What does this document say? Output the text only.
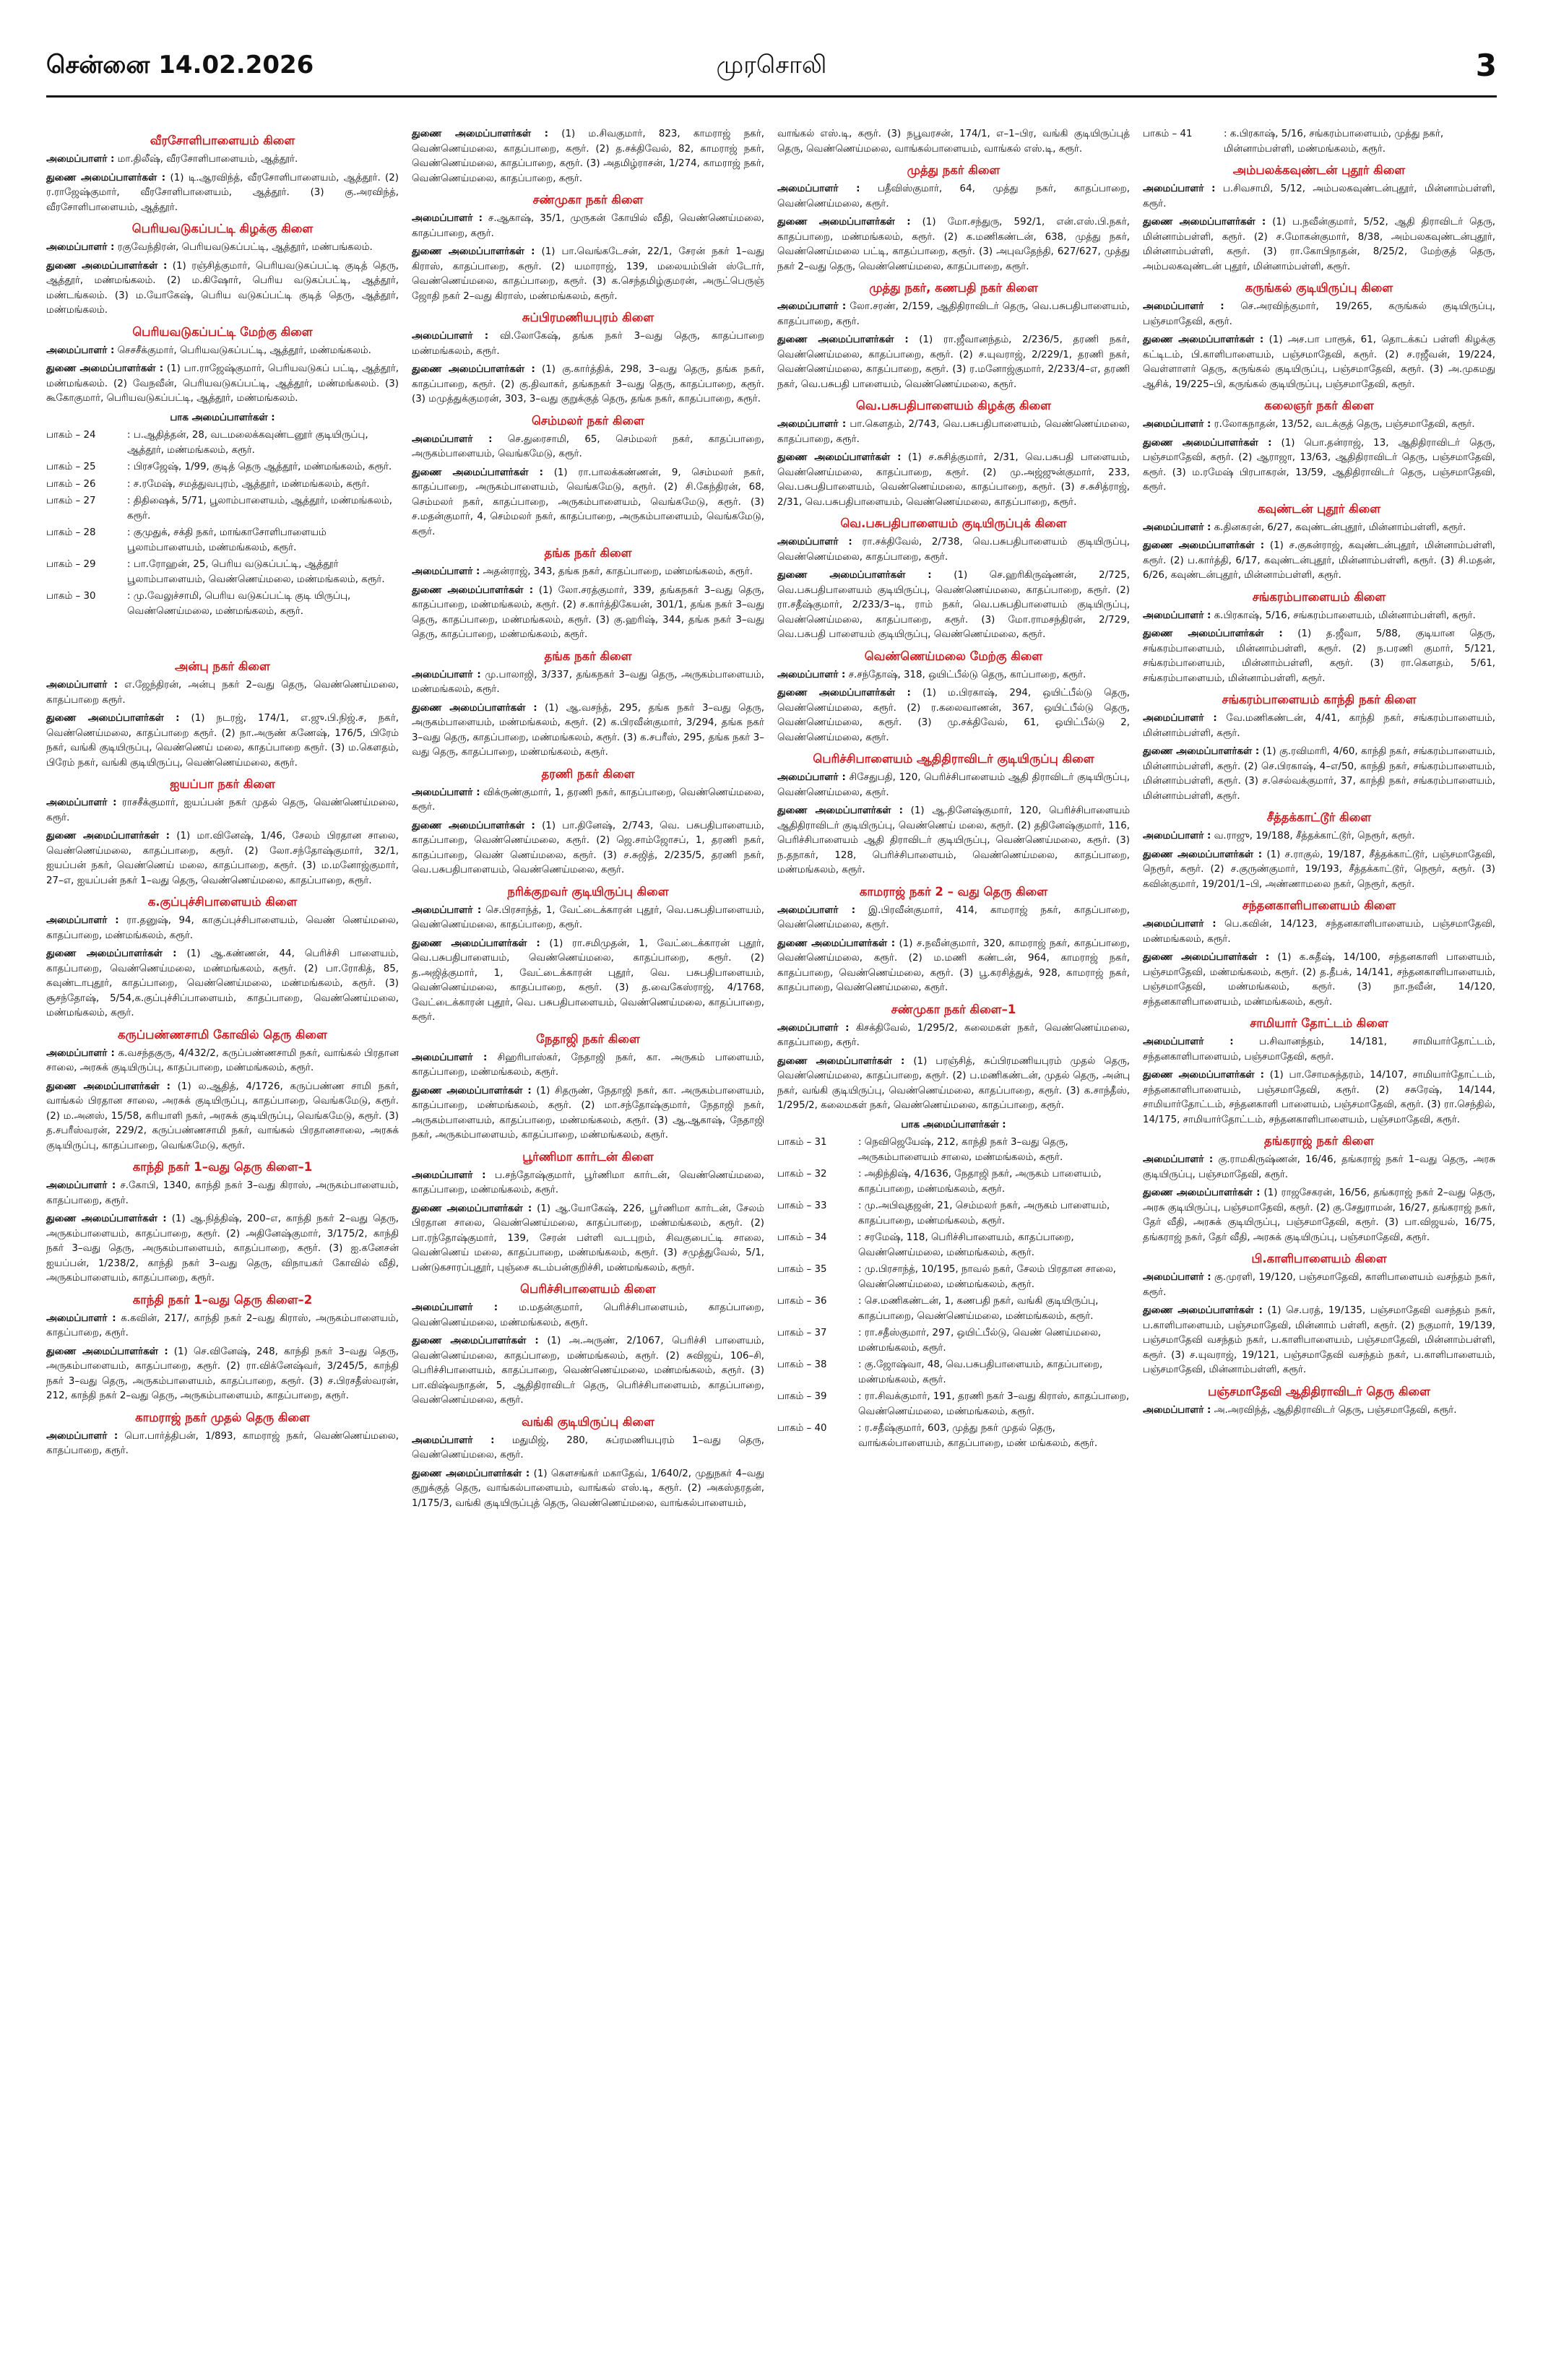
சென்னை 14.02.2026	முரசொலி	3
வீரசோளிபாளையம் கிளை

அமைப்பாளர் : மா.திலீஷ், வீரசோளிபாளையம், ஆத்தூர்.

துணை அமைப்பாளர்கள் : (1) டி.ஆரவிந்த், வீரசோளிபாளையம், ஆத்தூர். (2) ர.ராஜேஷ்குமார், வீரசோளிபாளையம், ஆத்தூர். (3) கு.அரவிந்த், வீரசோளிபாளையம், ஆத்தூர்.

பெரியவடுகப்பட்டி கிழக்கு கிளை

அமைப்பாளர் : ரகுவேந்திரன், பெரியவடுகப்பட்டி, ஆத்தூர், மண்பங்கலம்.

துணை அமைப்பாளர்கள் : (1) ரஞ்சித்குமார், பெரியவடுகப்பட்டி குடித் தெரு, ஆத்தூர், மண்மங்கலம். (2) ம.கிஷோர், பெரிய வடுகப்பட்டி, ஆத்தூர், மண்டங்கலம். (3) ம.யோகேஷ், பெரிய வடுகப்பட்டி குடித் தெரு, ஆத்தூர், மண்மங்கலம்.

பெரியவடுகப்பட்டி மேற்கு கிளை

அமைப்பாளர் : செசசீக்குமார், பெரியவடுகப்பட்டி, ஆத்தூர், மண்மங்கலம்.

துணை அமைப்பாளர்கள் : (1) பா.ராஜேஷ்குமார், பெரியவடுகப் பட்டி, ஆத்தூர், மண்மங்கலம். (2) வேநவீன், பெரியவடுகப்பட்டி, ஆத்தூர், மண்மங்கலம். (3) கூகோகுமார், பெரியவடுகப்பட்டி, ஆத்தூர், மண்மங்கலம்.

பாக அமைப்பாளர்கள் :
பாகம் – 24	: ப.ஆதித்தன், 28, வடமலைக்கவுண்டனூர் குடியிருப்பு, ஆத்தூர், மண்மங்கலம், கரூர்.
பாகம் – 25	: பிரசஜேஷ், 1/99, குடித் தெரு ஆத்தூர், மண்மங்கலம், கரூர்.
பாகம் – 26	: ச.ரமேஷ், சமத்துவபுரம், ஆத்தூர், மண்மங்கலம், கரூர்.
பாகம் – 27	: திதிஷைக், 5/71, பூலாம்பாளையம், ஆத்தூர், மண்மங்கலம், கரூர்.
பாகம் – 28	: குமுதுக், சக்தி நகர், மாங்காசோளிபாளையம் பூலாம்பாளையம், மண்மங்கலம், கரூர்.
பாகம் – 29	: பா.ரோஹன், 25, பெரிய வடுகப்பட்டி, ஆத்தூர் பூலாம்பாளையம், வெண்ணெய்மலை, மண்மங்கலம், கரூர்.
பாகம் – 30	: மு.வேலுச்சாமி, பெரிய வடுகப்பட்டி குடி யிருப்பு, வெண்ணெய்மலை, மண்மங்கலம், கரூர்.
அன்பு நகர் கிளை

அமைப்பாளர் : எ.ஜேந்திரன், அன்பு நகர் 2–வது தெரு, வெண்ணெய்மலை, காதப்பாறை கரூர்.

துணை அமைப்பாளர்கள் : (1) நடரஜ், 174/1, எ.ஜு.பி.நிஜ்.ச, நகர், வெண்ணெய்மலை, காதப்பாறை கரூர். (2) நா.அருண் கணேஷ், 176/5, பிரேம் நகர், வங்கி குடியிருப்பு, வெண்ணெய் மலை, காதப்பாறை கரூர். (3) ம.கௌதம், பிரேம் நகர், வங்கி குடியிருப்பு, வெண்ணெய்மலை, கரூர்.

ஐயப்பா நகர் கிளை

அமைப்பாளர் : ராசசீக்குமார், ஐயப்பன் நகர் முதல் தெரு, வெண்ணெய்மலை, கரூர்.

துணை அமைப்பாளர்கள் : (1) மா.வினேஷ், 1/46, சேலம் பிரதான சாலை, வெண்ணெய்மலை, காதப்பாறை, கரூர். (2) லோ.சந்தோஷ்குமார், 32/1, ஐயப்பன் நகர், வெண்ணெய் மலை, காதப்பாறை, கரூர். (3) ம.மனோஜ்குமார், 27–எ, ஐயப்பன் நகர் 1–வது தெரு, வெண்ணெய்மலை, காதப்பாறை, கரூர்.

க.குப்புச்சிபாளையம் கிளை

அமைப்பாளர் : ரா.தனுஷ், 94, காகுப்புச்சிபாளையம், வெண் ணெய்மலை, காதப்பாறை, மண்மங்கலம், கரூர்.

துணை அமைப்பாளர்கள் : (1) ஆ.கண்ணன், 44, பெரிச்சி பாளையம், காதப்பாறை, வெண்ணெய்மலை, மண்மங்கலம், கரூர். (2) பா.ரோகித், 85, கவுண்டாபுதூர், காதப்பாறை, வெண்ணெய்மலை, மண்மங்கலம், கரூர். (3) சூசந்தோஷ், 5/54,க.குப்புச்சிப்பாளையம், காதப்பாறை, வெண்ணெய்மலை, மண்மங்கலம், கரூர்.

கருப்பண்ணசாமி கோவில் தெரு கிளை

அமைப்பாளர் : க.வசந்தகுரு, 4/432/2, கருப்பண்ணசாமி நகர், வாங்கல் பிரதான சாலை, அரசுக் குடியிருப்பு, காதப்பாறை, மண்மங்கலம், கரூர்.

துணை அமைப்பாளர்கள் : (1) ல.ஆதித், 4/1726, கருப்பண்ண சாமி நகர், வாங்கல் பிரதான சாலை, அரசுக் குடியிருப்பு, காதப்பாறை, வெங்கமேடு, கரூர். (2) ம.அனஸ், 15/58, கரியாளி நகர், அரசுக் குடியிருப்பு, வெங்கமேடு, கரூர். (3) த.சபரீஸ்வரன், 229/2, கருப்பண்ணசாமி நகர், வாங்கல் பிரதானசாலை, அரசுக் குடியிருப்பு, காதப்பாறை, வெங்கமேடு, கரூர்.

காந்தி நகர் 1–வது தெரு கிளை–1

அமைப்பாளர் : ச.கோபி, 1340, காந்தி நகர் 3–வது கிராஸ், அருகம்பாளையம், காதப்பாறை, கரூர்.

துணை அமைப்பாளர்கள் : (1) ஆ.நித்திஷ், 200–எ, காந்தி நகர் 2–வது தெரு, அருகம்பாளையம், காதப்பாறை, கரூர். (2) அதினேஷ்குமார், 3/175/2, காந்தி நகர் 3–வது தெரு, அருகம்பாளையம், காதப்பாறை, கரூர். (3) ஐ.கனேசன் ஐயப்பன், 1/238/2, காந்தி நகர் 3–வது தெரு, விநாயகர் கோவில் வீதி, அருகம்பாளையம், காதப்பாறை, கரூர்.

காந்தி நகர் 1–வது தெரு கிளை–2

அமைப்பாளர் : க.கவின், 217/, காந்தி நகர் 2–வது கிராஸ், அருகம்பாளையம், காதப்பாறை, கரூர்.

துணை அமைப்பாளர்கள் : (1) செ.வினேஷ், 248, காந்தி நகர் 3–வது தெரு, அருகம்பாளையம், காதப்பாறை, கரூர். (2) ரா.விக்னேஷ்வர், 3/245/5, காந்தி நகர் 3–வது தெரு, அருகம்பாளையம், காதப்பாறை, கரூர். (3) ச.பிரசதீஸ்வரன், 212, காந்தி நகர் 2–வது தெரு, அருகம்பாளையம், காதப்பாறை, கரூர்.

காமராஜ் நகர் முதல் தெரு கிளை

அமைப்பாளர் : பொ.பார்த்திபன், 1/893, காமராஜ் நகர், வெண்ணெய்மலை, காதப்பாறை, கரூர்.

துணை அமைப்பாளர்கள் : (1) ம.சிவகுமார், 823, காமராஜ் நகர், வெண்ணெய்மலை, காதப்பாறை, கரூர். (2) த.சக்திவேல், 82, காமராஜ் நகர், வெண்ணெய்மலை, காதப்பாறை, கரூர். (3) அதமிழ்ராசன், 1/274, காமராஜ் நகர், வெண்ணெய்மலை, காதப்பாறை, கரூர்.

சண்முகா நகர் கிளை

அமைப்பாளர் : ச.ஆகாஷ், 35/1, முருகன் கோயில் வீதி, வெண்ணெய்மலை, காதப்பாறை, கரூர்.

துணை அமைப்பாளர்கள் : (1) பா.வெங்கடேசன், 22/1, சேரன் நகர் 1–வது கிராஸ், காதப்பாறை, கரூர். (2) யமாராஜ், 139, மலையம்பின் ஸ்டோர், வெண்ணெய்மலை, காதப்பாறை, கரூர். (3) க.செந்தமிழ்குமரன், அருட்பெருஞ் ஜோதி நகர் 2–வது கிராஸ், மண்மங்கலம், கரூர்.

சுப்பிரமணியபுரம் கிளை

அமைப்பாளர் : வி.லோகேஷ், தங்க நகர் 3–வது தெரு, காதப்பாறை மண்மங்கலம், கரூர்.

துணை அமைப்பாளர்கள் : (1) கு.கார்த்திக், 298, 3–வது தெரு, தங்க நகர், காதப்பாறை, கரூர். (2) கு.திவாகர், தங்கநகர் 3–வது தெரு, காதப்பாறை, கரூர். (3) மமுத்துக்குமரன், 303, 3–வது குறுக்குத் தெரு, தங்க நகர், காதப்பாறை, கரூர்.

செம்மலர் நகர் கிளை

அமைப்பாளர் : செ.துரைசாமி, 65, செம்மலர் நகர், காதப்பாறை, அருகம்பாளையம், வெங்கமேடு, கரூர்.

துணை அமைப்பாளர்கள் : (1) ரா.பாலக்கண்ணன், 9, செம்மலர் நகர், காதப்பாறை, அருகம்பாளையம், வெங்கமேடு, கரூர். (2) சி.கேந்திரன், 68, செம்மலர் நகர், காதப்பாறை, அருகம்பாளையம், வெங்கமேடு, கரூர். (3) ச.மதன்குமார், 4, செம்மலர் நகர், காதப்பாறை, அருகம்பாளையம், வெங்கமேடு, கரூர்.

தங்க நகர் கிளை

அமைப்பாளர் : அதன்ராஜ், 343, தங்க நகர், காதப்பாறை, மண்மங்கலம், கரூர்.

துணை அமைப்பாளர்கள் : (1) லோ.சரத்குமார், 339, தங்கநகர் 3–வது தெரு, காதப்பாறை, மண்மங்கலம், கரூர். (2) ச.கார்த்திகேயன், 301/1, தங்க நகர் 3–வது தெரு, காதப்பாறை, மண்மங்கலம், கரூர். (3) கு.ஹரிஷ், 344, தங்க நகர் 3–வது தெரு, காதப்பாறை, மண்மங்கலம், கரூர்.

தங்க நகர் கிளை

அமைப்பாளர் : மு.பாலாஜி, 3/337, தங்கநகர் 3–வது தெரு, அருகம்பாளையம், மண்மங்கலம், கரூர்.

துணை அமைப்பாளர்கள் : (1) ஆ.வசந்த், 295, தங்க நகர் 3–வது தெரு, அருகம்பாளையம், மண்மங்கலம், கரூர். (2) க.பிரவீன்குமார், 3/294, தங்க நகர் 3–வது தெரு, காதப்பாறை, மண்மங்கலம், கரூர். (3) க.சபரீஸ், 295, தங்க நகர் 3–வது தெரு, காதப்பாறை, மண்மங்கலம், கரூர்.

தரணி நகர் கிளை

அமைப்பாளர் : விக்ருண்குமார், 1, தரணி நகர், காதப்பாறை, வெண்ணெய்மலை, கரூர்.

துணை அமைப்பாளர்கள் : (1) பா.தினேஷ், 2/743, வெ. பசுபதிபாளையம், காதப்பாறை, வெண்ணெய்மலை, கரூர். (2) ஜெ.சாம்ஜோசப், 1, தரணி நகர், காதப்பாறை, வெண் ணெய்மலை, கரூர். (3) ச.சுஜித், 2/235/5, தரணி நகர், வெ.பசுபதிபாளையம், வெண்ணெய்மலை, கரூர்.

நரிக்குறவர் குடியிருப்பு கிளை

அமைப்பாளர் : செ.பிரசாந்த், 1, வேட்டைக்காரன் புதூர், வெ.பசுபதிபாளையம், வெண்ணெய்மலை, காதப்பாறை, கரூர்.

துணை அமைப்பாளர்கள் : (1) ரா.சமிமுதன், 1, வேட்டைக்காரன் புதூர், வெ.பசுபதிபாளையம், வெண்ணெய்மலை, காதப்பாறை, கரூர். (2) த.அஜித்குமார், 1, வேட்டைக்காரன் புதூர், வெ. பசுபதிபாளையம், வெண்ணெய்மலை, காதப்பாறை, கரூர். (3) த.வைகேஸ்ராஜ், 4/1768, வேட்டைக்காரன் புதூர், வெ. பசுபதிபாளையம், வெண்ணெய்மலை, காதப்பாறை, கரூர்.

நேதாஜி நகர் கிளை

அமைப்பாளர் : சிஹரிபாஸ்கர், நேதாஜி நகர், கா. அருகம் பாளையம், காதப்பாறை, மண்மங்கலம், கரூர்.

துணை அமைப்பாளர்கள் : (1) சிதருண், நேதாஜி நகர், கா. அருகம்பாளையம், காதப்பாறை, மண்மங்கலம், கரூர். (2) மா.சந்தோஷ்குமார், நேதாஜி நகர், அருகம்பாளையம், காதப்பாறை, மண்மங்கலம், கரூர். (3) ஆ.ஆகாஷ், நேதாஜி நகர், அருகம்பாளையம், காதப்பாறை, மண்மங்கலம், கரூர்.

பூர்ணிமா கார்டன் கிளை

அமைப்பாளர் : ப.சந்தோஷ்குமார், பூர்ணிமா கார்டன், வெண்ணெய்மலை, காதப்பாறை, மண்மங்கலம், கரூர்.

துணை அமைப்பாளர்கள் : (1) ஆ.யோகேஷ், 226, பூர்ணிமா கார்டன், சேலம் பிரதான சாலை, வெண்ணெய்மலை, காதப்பாறை, மண்மங்கலம், கரூர். (2) பா.ரந்தோஷ்குமார், 139, சேரன் பள்ளி வடபுறம், சிவகுபைட்டி சாலை, வெண்ணெய் மலை, காதப்பாறை, மண்மங்கலம், கரூர். (3) சமுத்துவேல், 5/1, பண்டுகசாரப்புதூர், புஞ்சை கடம்பன்குறிச்சி, மண்மங்கலம், கரூர்.

பெரிச்சிபாளையம் கிளை

அமைப்பாளர் : ம.மதன்குமார், பெரிச்சிபாளையம், காதப்பாறை, வெண்ணெய்மலை, மண்மங்கலம், கரூர்.

துணை அமைப்பாளர்கள் : (1) அ.அருண், 2/1067, பெரிச்சி பாளையம், வெண்ணெய்மலை, காதப்பாறை, மண்மங்கலம், கரூர். (2) சுவிஜய், 106–சி, பெரிச்சிபாளையம், காதப்பாறை, வெண்ணெய்மலை, மண்மங்கலம், கரூர். (3) பா.விஷ்வநாதன், 5, ஆதிதிராவிடர் தெரு, பெரிச்சிபாளையம், காதப்பாறை, வெண்ணெய்மலை, கரூர்.

வங்கி குடியிருப்பு கிளை

அமைப்பாளர் : மதுமிஜ், 280, சுப்ரமணியபுரம் 1–வது தெரு, வெண்ணெய்மலை, கரூர்.

துணை அமைப்பாளர்கள் : (1) கௌசங்கர் மகாதேவ், 1/640/2, முதுநகர் 4–வது குறுக்குத் தெரு, வாங்கல்பாளையம், வாங்கல் எஸ்.டி, கரூர். (2) அகஸ்தரதன், 1/175/3, வங்கி குடியிருப்புத் தெரு, வெண்ணெய்மலை, வாங்கல்பாளையம்,

வாங்கல் எஸ்.டி, கரூர். (3) நபூவரசன், 174/1, எ–1–பிர, வங்கி குடியிருப்புத் தெரு, வெண்ணெய்மலை, வாங்கல்பாளையம், வாங்கல் எஸ்.டி, கரூர்.

முத்து நகர் கிளை

அமைப்பாளர் : பதீவிஸ்குமார், 64, முத்து நகர், காதப்பாறை, வெண்ணெய்மலை, கரூர்.

துணை அமைப்பாளர்கள் : (1) மோ.சந்துரு, 592/1, என்.எஸ்.பி.நகர், காதப்பாறை, மண்மங்கலம், கரூர். (2) க.மணிகண்டன், 638, முத்து நகர், வெண்ணெய்மலை பட்டி, காதப்பாறை, கரூர். (3) அபுவதேந்தி, 627/627, முத்து நகர் 2–வது தெரு, வெண்ணெய்மலை, காதப்பாறை, கரூர்.

முத்து நகர், கணபதி நகர் கிளை

அமைப்பாளர் : லோ.சரண், 2/159, ஆதிதிராவிடர் தெரு, வெ.பசுபதிபாளையம், காதப்பாறை, கரூர்.

துணை அமைப்பாளர்கள் : (1) ரா.ஜீவானந்தம், 2/236/5, தரணி நகர், வெண்ணெய்மலை, காதப்பாறை, கரூர். (2) ச.யுவராஜ், 2/229/1, தரணி நகர், வெண்ணெய்மலை, காதப்பாறை, கரூர். (3) ர.மனோஜ்குமார், 2/233/4–எ, தரணி நகர், வெ.பசுபதி பாளையம், வெண்ணெய்மலை, கரூர்.

வெ.பசுபதிபாளையம் கிழக்கு கிளை

அமைப்பாளர் : பா.கௌதம், 2/743, வெ.பசுபதிபாளையம், வெண்ணெய்மலை, காதப்பாறை, கரூர்.

துணை அமைப்பாளர்கள் : (1) ச.சுசித்குமார், 2/31, வெ.பசுபதி பாளையம், வெண்ணெய்மலை, காதப்பாறை, கரூர். (2) மு.அஜ்ஜுன்குமார், 233, வெ.பசுபதிபாளையம், வெண்ணெய்மலை, காதப்பாறை, கரூர். (3) ச.சுசித்ராஜ், 2/31, வெ.பசுபதிபாளையம், வெண்ணெய்மலை, காதப்பாறை, கரூர்.

வெ.பசுபதிபாளையம் குடியிருப்புக் கிளை

அமைப்பாளர் : ரா.சக்திவேல், 2/738, வெ.பசுபதிபாளையம் குடியிருப்பு, வெண்ணெய்மலை, காதப்பாறை, கரூர்.

துணை அமைப்பாளர்கள் : (1) செ.ஹரிகிருஷ்ணன், 2/725, வெ.பசுபதிபாளையம் குடியிருப்பு, வெண்ணெய்மலை, காதப்பாறை, கரூர். (2) ரா.சதீஷ்குமார், 2/233/3–டி, ராம் நகர், வெ.பசுபதிபாளையம் குடியிருப்பு, வெண்ணெய்மலை, காதப்பாறை, கரூர். (3) மோ.ராமசந்திரன், 2/729, வெ.பசுபதி பாளையம் குடியிருப்பு, வெண்ணெய்மலை, கரூர்.

வெண்ணெய்மலை மேற்கு கிளை

அமைப்பாளர் : ச.சந்தோஷ், 318, ஒயிட்பீல்டு தெரு, காப்பாறை, கரூர்.

துணை அமைப்பாளர்கள் : (1) ம.பிரகாஷ், 294, ஒயிட்பீல்டு தெரு, வெண்ணெய்மலை, கரூர். (2) ர.கலைவாணன், 367, ஒயிட்பீல்டு தெரு, வெண்ணெய்மலை, கரூர். (3) மு.சக்திவேல், 61, ஒயிட்பீல்டு 2, வெண்ணெய்மலை, கரூர்.

பெரிச்சிபாளையம் ஆதிதிராவிடர் குடியிருப்பு கிளை

அமைப்பாளர் : சிசேதுபதி, 120, பெரிச்சிபாளையம் ஆதி திராவிடர் குடியிருப்பு, வெண்ணெய்மலை, கரூர்.

துணை அமைப்பாளர்கள் : (1) ஆ.தினேஷ்குமார், 120, பெரிச்சிபாளையம் ஆதிதிராவிடர் குடியிருப்பு, வெண்ணெய் மலை, கரூர். (2) ததினேஷ்குமார், 116, பெரிச்சிபாளையம் ஆதி திராவிடர் குடியிருப்பு, வெண்ணெய்மலை, கரூர். (3) ந.தநாகர், 128, பெரிச்சிபாளையம், வெண்ணெய்மலை, காதப்பாறை, மண்மங்கலம், கரூர்.

காமராஜ் நகர் 2 – வது தெரு கிளை

அமைப்பாளர் : இ.பிரவீன்குமார், 414, காமராஜ் நகர், காதப்பாறை, வெண்ணெய்மலை, கரூர்.

துணை அமைப்பாளர்கள் : (1) ச.நவீன்குமார், 320, காமராஜ் நகர், காதப்பாறை, வெண்ணெய்மலை, கரூர். (2) ம.மணி கண்டன், 964, காமராஜ் நகர், காதப்பாறை, வெண்ணெய்மலை, கரூர். (3) பூ.கரசித்துக், 928, காமராஜ் நகர், காதப்பாறை, வெண்ணெய்மலை, கரூர்.

சண்முகா நகர் கிளை–1

அமைப்பாளர் : கிசக்திவேல், 1/295/2, கலைமகள் நகர், வெண்ணெய்மலை, காதப்பாறை, கரூர்.

துணை அமைப்பாளர்கள் : (1) பரஞ்சித், சுப்பிரமணியபுரம் முதல் தெரு, வெண்ணெய்மலை, காதப்பாறை, கரூர். (2) ப.மணிகண்டன், முதல் தெரு, அன்பு நகர், வங்கி குடியிருப்பு, வெண்ணெய்மலை, காதப்பாறை, கரூர். (3) க.சாந்தீஸ், 1/295/2, கலைமகள் நகர், வெண்ணெய்மலை, காதப்பாறை, கரூர்.

பாக அமைப்பாளர்கள் :
பாகம் – 31	: நெவிஜெயேஷ், 212, காந்தி நகர் 3–வது தெரு, அருகம்பாளையம் சாலை, மண்மங்கலம், கரூர்.
பாகம் – 32	: அதிந்திஷ், 4/1636, நேதாஜி நகர், அருகம் பாளையம், காதப்பாறை, மண்மங்கலம், கரூர்.
பாகம் – 33	: மு.அபிவுதஜன், 21, செம்மலர் நகர், அருகம் பாளையம், காதப்பாறை, மண்மங்கலம், கரூர்.
பாகம் – 34	: சரமேஷ், 118, பெரிச்சிபாளையம், காதப்பாறை, வெண்ணெய்மலை, மண்மங்கலம், கரூர்.
பாகம் – 35	: மு.பிரசாந்த், 10/195, நாவல் நகர், சேலம் பிரதான சாலை, வெண்ணெய்மலை, மண்மங்கலம், கரூர்.
பாகம் – 36	: செ.மணிகண்டன், 1, கணபதி நகர், வங்கி குடியிருப்பு, காதப்பாறை, வெண்ணெய்மலை, மண்மங்கலம், கரூர்.
பாகம் – 37	: ரா.சதீஸ்குமார், 297, ஒயிட்பீல்டு, வெண் ணெய்மலை, மண்மங்கலம், கரூர்.
பாகம் – 38	: கு.ஜோஷ்வா, 48, வெ.பசுபதிபாளையம், காதப்பாறை, மண்மங்கலம், கரூர்.
பாகம் – 39	: ரா.சிவக்குமார், 191, தரணி நகர் 3–வது கிராஸ், காதப்பாறை, வெண்ணெய்மலை, மண்மங்கலம், கரூர்.
பாகம் – 40	: ர.சதீஷ்குமார், 603, முத்து நகர் முதல் தெரு, வாங்கல்பாளையம், காதப்பாறை, மண் மங்கலம், கரூர்.
பாகம் – 41	: க.பிரகாஷ், 5/16, சங்கரம்பாளையம், முத்து நகர், மின்னாம்பள்ளி, மண்மங்கலம், கரூர்.
அம்பலக்கவுண்டன் புதூர் கிளை

அமைப்பாளர் : ப.சிவசாமி, 5/12, அம்பலகவுண்டன்புதூர், மின்னாம்பள்ளி, கரூர்.

துணை அமைப்பாளர்கள் : (1) ப.நவீன்குமார், 5/52, ஆதி திராவிடர் தெரு, மின்னாம்பள்ளி, கரூர். (2) ச.மோகன்குமார், 8/38, அம்பலகவுண்டன்புதூர், மின்னாம்பள்ளி, கரூர். (3) ரா.கோபிநாதன், 8/25/2, மேற்குத் தெரு, அம்பலகவுண்டன் புதூர், மின்னாம்பள்ளி, கரூர்.

கருங்கல் குடியிருப்பு கிளை

அமைப்பாளர் : செ.அரவிந்குமார், 19/265, கருங்கல் குடியிருப்பு, பஞ்சமாதேவி, கரூர்.

துணை அமைப்பாளர்கள் : (1) அச.பா பாரூக், 61, தொடக்கப் பள்ளி கிழக்கு கட்டிடம், பி.காளிபாளையம், பஞ்சமாதேவி, கரூர். (2) ச.ரஜீவன், 19/224, வெள்ளாளர் தெரு, கருங்கல் குடியிருப்பு, பஞ்சமாதேவி, கரூர். (3) அ.முகமது ஆசிக், 19/225–பி, கருங்கல் குடியிருப்பு, பஞ்சமாதேவி, கரூர்.

கலைஞர் நகர் கிளை

அமைப்பாளர் : ர.லோகநாதன், 13/52, வடக்குத் தெரு, பஞ்சமாதேவி, கரூர்.

துணை அமைப்பாளர்கள் : (1) பொ.தன்ராஜ், 13, ஆதிதிராவிடர் தெரு, பஞ்சமாதேவி, கரூர். (2) ஆராஜா, 13/63, ஆதிதிராவிடர் தெரு, பஞ்சமாதேவி, கரூர். (3) ம.ரமேஷ் பிரபாகரன், 13/59, ஆதிதிராவிடர் தெரு, பஞ்சமாதேவி, கரூர்.

கவுண்டன் புதூர் கிளை

அமைப்பாளர் : க.தினகரன், 6/27, கவுண்டன்புதூர், மின்னாம்பள்ளி, கரூர்.

துணை அமைப்பாளர்கள் : (1) ச.குகன்ராஜ், கவுண்டன்புதூர், மின்னாம்பள்ளி, கரூர். (2) ப.கார்த்தி, 6/17, கவுண்டன்புதூர், மின்னாம்பள்ளி, கரூர். (3) சி.மதன், 6/26, கவுண்டன்புதூர், மின்னாம்பள்ளி, கரூர்.

சங்கரம்பாளையம் கிளை

அமைப்பாளர் : க.பிரகாஷ், 5/16, சங்கரம்பாளையம், மின்னாம்பள்ளி, கரூர்.

துணை அமைப்பாளர்கள் : (1) த.ஜீவா, 5/88, குடியான தெரு, சங்கரம்பாளையம், மின்னாம்பள்ளி, கரூர். (2) ந.பரணி குமார், 5/121, சங்கரம்பாளையம், மின்னாம்பள்ளி, கரூர். (3) ரா.கௌதம், 5/61, சங்கரம்பாளையம், மின்னாம்பள்ளி, கரூர்.

சங்கரம்பாளையம் காந்தி நகர் கிளை

அமைப்பாளர் : வே.மணிகண்டன், 4/41, காந்தி நகர், சங்கரம்பாளையம், மின்னாம்பள்ளி, கரூர்.

துணை அமைப்பாளர்கள் : (1) கு.ரவிமாரி, 4/60, காந்தி நகர், சங்கரம்பாளையம், மின்னாம்பள்ளி, கரூர். (2) செ.பிரகாஷ், 4–எ/50, காந்தி நகர், சங்கரம்பாளையம், மின்னாம்பள்ளி, கரூர். (3) ச.செல்வக்குமார், 37, காந்தி நகர், சங்கரம்பாளையம், மின்னாம்பள்ளி, கரூர்.

சீத்தக்காட்டூர் கிளை

அமைப்பாளர் : வ.ராஜு, 19/188, சீத்தக்காட்டூர், நெரூர், கரூர்.

துணை அமைப்பாளர்கள் : (1) ச.ராகுல், 19/187, சீத்தக்காட்டூர், பஞ்சமாதேவி, நெரூர், கரூர். (2) ச.குருண்குமார், 19/193, சீத்தக்காட்டூர், நெரூர், கரூர். (3) கவின்குமார், 19/201/1–பி, அண்ணாமலை நகர், நெரூர், கரூர்.

சந்தனகாளிபாளையம் கிளை

அமைப்பாளர் : பெ.கவின், 14/123, சந்தனகாளிபாளையம், பஞ்சமாதேவி, மண்மங்கலம், கரூர்.

துணை அமைப்பாளர்கள் : (1) க.சுதீஷ், 14/100, சந்தனகாளி பாளையம், பஞ்சமாதேவி, மண்மங்கலம், கரூர். (2) த.தீபக், 14/141, சந்தனகாளிபாளையம், பஞ்சமாதேவி, மண்மங்கலம், கரூர். (3) நா.நவீன், 14/120, சந்தனகாளிபாளையம், மண்மங்கலம், கரூர்.

சாமியார் தோட்டம் கிளை

அமைப்பாளர் : ப.சிவானந்தம், 14/181, சாமியார்தோட்டம், சந்தனகாளிபாளையம், பஞ்சமாதேவி, கரூர்.

துணை அமைப்பாளர்கள் : (1) பா.சோமசுந்தரம், 14/107, சாமியார்தோட்டம், சந்தனகாளிபாளையம், பஞ்சமாதேவி, கரூர். (2) சசுரேஷ், 14/144, சாமியார்தோட்டம், சந்தனகாளி பாளையம், பஞ்சமாதேவி, கரூர். (3) ரா.செந்தில், 14/175, சாமியார்தோட்டம், சந்தனகாளிபாளையம், பஞ்சமாதேவி, கரூர்.

தங்கராஜ் நகர் கிளை

அமைப்பாளர் : கு.ராமகிருஷ்ணன், 16/46, தங்கராஜ் நகர் 1–வது தெரு, அரசு குடியிருப்பு, பஞ்சமாதேவி, கரூர்.

துணை அமைப்பாளர்கள் : (1) ராஜசேகரன், 16/56, தங்கராஜ் நகர் 2–வது தெரு, அரசு குடியிருப்பு, பஞ்சமாதேவி, கரூர். (2) கு.சேதுராமன், 16/27, தங்கராஜ் நகர், தேர் வீதி, அரசுக் குடியிருப்பு, பஞ்சமாதேவி, கரூர். (3) பா.விஜயல், 16/75, தங்கராஜ் நகர், தேர் வீதி, அரசுக் குடியிருப்பு, பஞ்சமாதேவி, கரூர்.

பி.காளிபாளையம் கிளை

அமைப்பாளர் : கு.முரளி, 19/120, பஞ்சமாதேவி, காளிபாளையம் வசந்தம் நகர், கரூர்.

துணை அமைப்பாளர்கள் : (1) செ.பரத், 19/135, பஞ்சமாதேவி வசந்தம் நகர், ப.காளிபாளையம், பஞ்சமாதேவி, மின்னாம் பள்ளி, கரூர். (2) நகுமார், 19/139, பஞ்சமாதேவி வசந்தம் நகர், ப.காளிபாளையம், பஞ்சமாதேவி, மின்னாம்பள்ளி, கரூர். (3) ச.யுவராஜ், 19/121, பஞ்சமாதேவி வசந்தம் நகர், ப.காளிபாளையம், பஞ்சமாதேவி, மின்னாம்பள்ளி, கரூர்.

பஞ்சமாதேவி ஆதிதிராவிடர் தெரு கிளை

அமைப்பாளர் : அ.அரவிந்த், ஆதிதிராவிடர் தெரு, பஞ்சமாதேவி, கரூர்.
